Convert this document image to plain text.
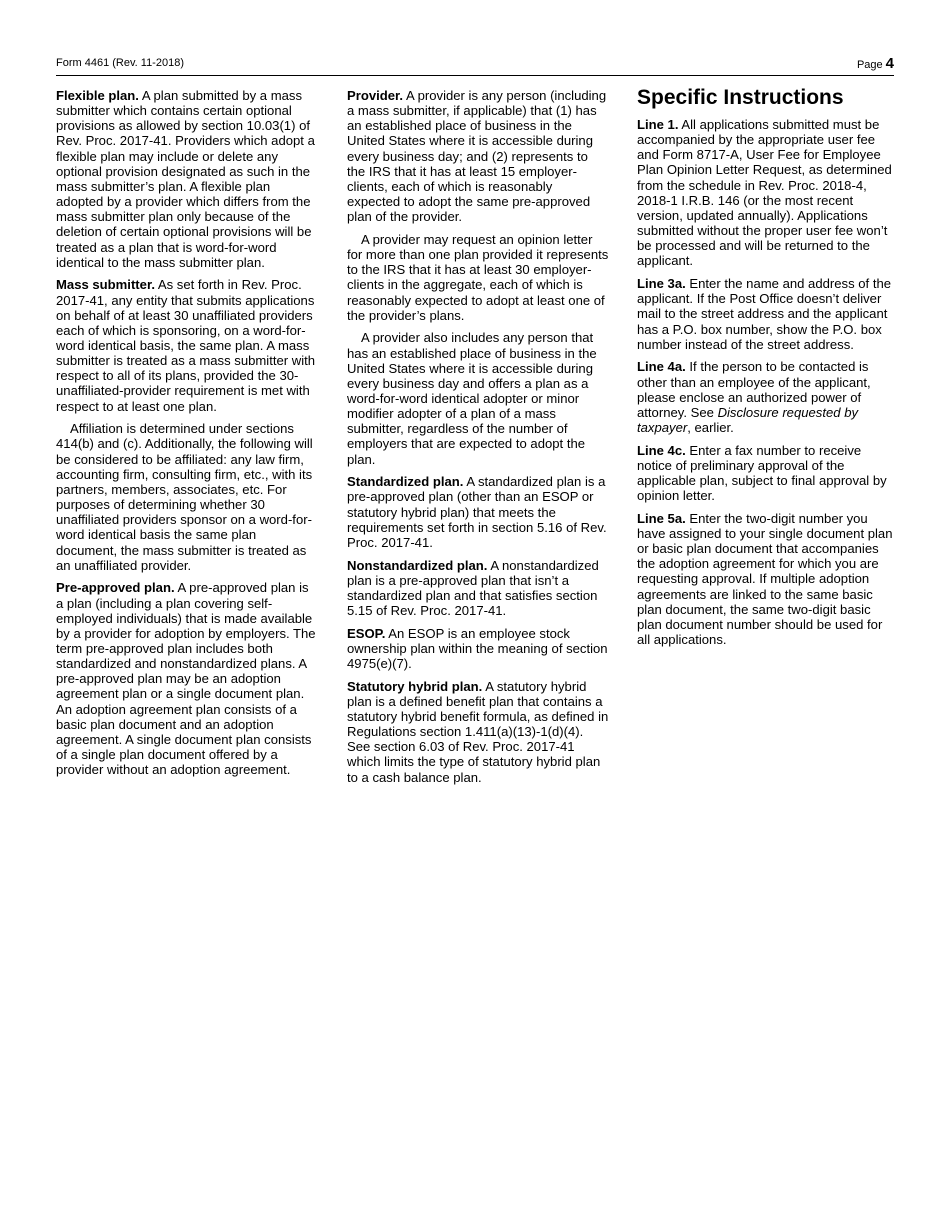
Form 4461 (Rev. 11-2018)	Page 4

Flexible plan. A plan submitted by a mass submitter which contains certain optional provisions as allowed by section 10.03(1) of Rev. Proc. 2017-41. Providers which adopt a flexible plan may include or delete any optional provision designated as such in the mass submitter’s plan. A flexible plan adopted by a provider which differs from the mass submitter plan only because of the deletion of certain optional provisions will be treated as a plan that is word-for-word identical to the mass submitter plan.

Mass submitter. As set forth in Rev. Proc. 2017-41, any entity that submits applications on behalf of at least 30 unaffiliated providers each of which is sponsoring, on a word-for-word identical basis, the same plan. A mass submitter is treated as a mass submitter with respect to all of its plans, provided the 30-unaffiliated-provider requirement is met with respect to at least one plan.

Affiliation is determined under sections 414(b) and (c). Additionally, the following will be considered to be affiliated: any law firm, accounting firm, consulting firm, etc., with its partners, members, associates, etc. For purposes of determining whether 30 unaffiliated providers sponsor on a word-for-word identical basis the same plan document, the mass submitter is treated as an unaffiliated provider.

Pre-approved plan. A pre-approved plan is a plan (including a plan covering self-employed individuals) that is made available by a provider for adoption by employers. The term pre-approved plan includes both standardized and nonstandardized plans. A pre-approved plan may be an adoption agreement plan or a single document plan. An adoption agreement plan consists of a basic plan document and an adoption agreement. A single document plan consists of a single plan document offered by a provider without an adoption agreement.

Provider. A provider is any person (including a mass submitter, if applicable) that (1) has an established place of business in the United States where it is accessible during every business day; and (2) represents to the IRS that it has at least 15 employer-clients, each of which is reasonably expected to adopt the same pre-approved plan of the provider.

A provider may request an opinion letter for more than one plan provided it represents to the IRS that it has at least 30 employer-clients in the aggregate, each of which is reasonably expected to adopt at least one of the provider’s plans.

A provider also includes any person that has an established place of business in the United States where it is accessible during every business day and offers a plan as a word-for-word identical adopter or minor modifier adopter of a plan of a mass submitter, regardless of the number of employers that are expected to adopt the plan.

Standardized plan. A standardized plan is a pre-approved plan (other than an ESOP or statutory hybrid plan) that meets the requirements set forth in section 5.16 of Rev. Proc. 2017-41.

Nonstandardized plan. A nonstandardized plan is a pre-approved plan that isn’t a standardized plan and that satisfies section 5.15 of Rev. Proc. 2017-41.

ESOP. An ESOP is an employee stock ownership plan within the meaning of section 4975(e)(7).

Statutory hybrid plan. A statutory hybrid plan is a defined benefit plan that contains a statutory hybrid benefit formula, as defined in Regulations section 1.411(a)(13)-1(d)(4). See section 6.03 of Rev. Proc. 2017-41 which limits the type of statutory hybrid plan to a cash balance plan.

Specific Instructions

Line 1. All applications submitted must be accompanied by the appropriate user fee and Form 8717-A, User Fee for Employee Plan Opinion Letter Request, as determined from the schedule in Rev. Proc. 2018-4, 2018-1 I.R.B. 146 (or the most recent version, updated annually). Applications submitted without the proper user fee won’t be processed and will be returned to the applicant.

Line 3a. Enter the name and address of the applicant. If the Post Office doesn’t deliver mail to the street address and the applicant has a P.O. box number, show the P.O. box number instead of the street address.

Line 4a. If the person to be contacted is other than an employee of the applicant, please enclose an authorized power of attorney. See Disclosure requested by taxpayer, earlier.

Line 4c. Enter a fax number to receive notice of preliminary approval of the applicable plan, subject to final approval by opinion letter.

Line 5a. Enter the two-digit number you have assigned to your single document plan or basic plan document that accompanies the adoption agreement for which you are requesting approval. If multiple adoption agreements are linked to the same basic plan document, the same two-digit basic plan document number should be used for all applications.
